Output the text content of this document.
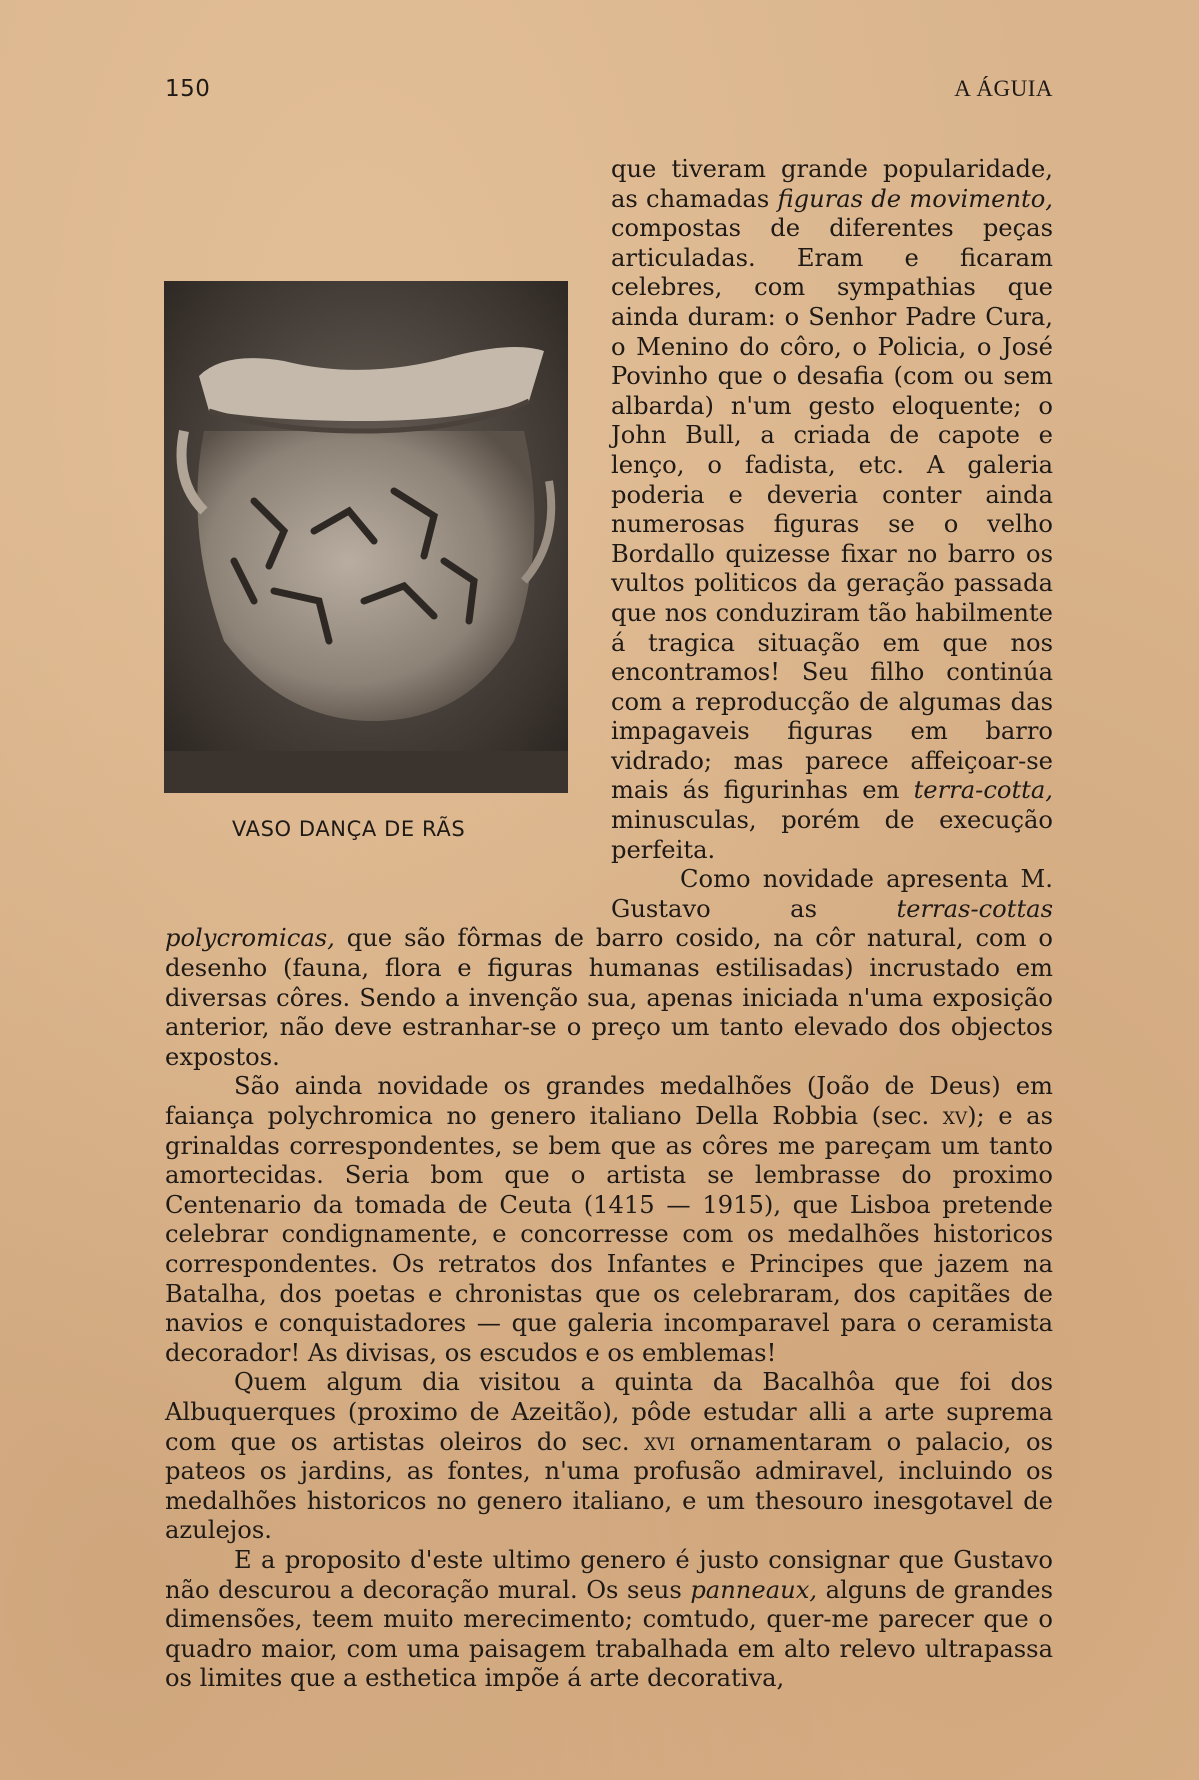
150	A ÁGUIA

VASO DANÇA DE RÃS
que tiveram grande popularidade, as chamadas figuras de movimento, compostas de diferentes peças articuladas. Eram e ficaram celebres, com sympathias que ainda duram: o Senhor Padre Cura, o Menino do côro, o Policia, o José Povinho que o desafia (com ou sem albarda) n'um gesto eloquente; o John Bull, a criada de capote e lenço, o fadista, etc. A galeria poderia e deveria conter ainda numerosas figuras se o velho Bordallo quizesse fixar no barro os vultos politicos da geração passada que nos conduziram tão habilmente á tragica situação em que nos encontramos! Seu filho continúa com a reproducção de algumas das impagaveis figuras em barro vidrado; mas parece affeiçoar-se mais ás figurinhas em terra-cotta, minusculas, porém de execução perfeita.

Como novidade apresenta M. Gustavo as terras-cottas polycromicas, que são fôrmas de barro cosido, na côr natural, com o desenho (fauna, flora e figuras humanas estilisadas) incrustado em diversas côres. Sendo a invenção sua, apenas iniciada n'uma exposição anterior, não deve estranhar-se o preço um tanto elevado dos objectos expostos.

São ainda novidade os grandes medalhões (João de Deus) em faiança polychromica no genero italiano Della Robbia (sec. xv); e as grinaldas correspondentes, se bem que as côres me pareçam um tanto amortecidas. Seria bom que o artista se lembrasse do proximo Centenario da tomada de Ceuta (1415 — 1915), que Lisboa pretende celebrar condignamente, e concorresse com os medalhões historicos correspondentes. Os retratos dos Infantes e Principes que jazem na Batalha, dos poetas e chronistas que os celebraram, dos capitães de navios e conquistadores — que galeria incomparavel para o ceramista decorador! As divisas, os escudos e os emblemas!

Quem algum dia visitou a quinta da Bacalhôa que foi dos Albuquerques (proximo de Azeitão), pôde estudar alli a arte suprema com que os artistas oleiros do sec. xvi ornamentaram o palacio, os pateos os jardins, as fontes, n'uma profusão admiravel, incluindo os medalhões historicos no genero italiano, e um thesouro inesgotavel de azulejos.

E a proposito d'este ultimo genero é justo consignar que Gustavo não descurou a decoração mural. Os seus panneaux, alguns de grandes dimensões, teem muito merecimento; comtudo, quer-me parecer que o quadro maior, com uma paisagem trabalhada em alto relevo ultrapassa os limites que a esthetica impõe á arte decorativa,
